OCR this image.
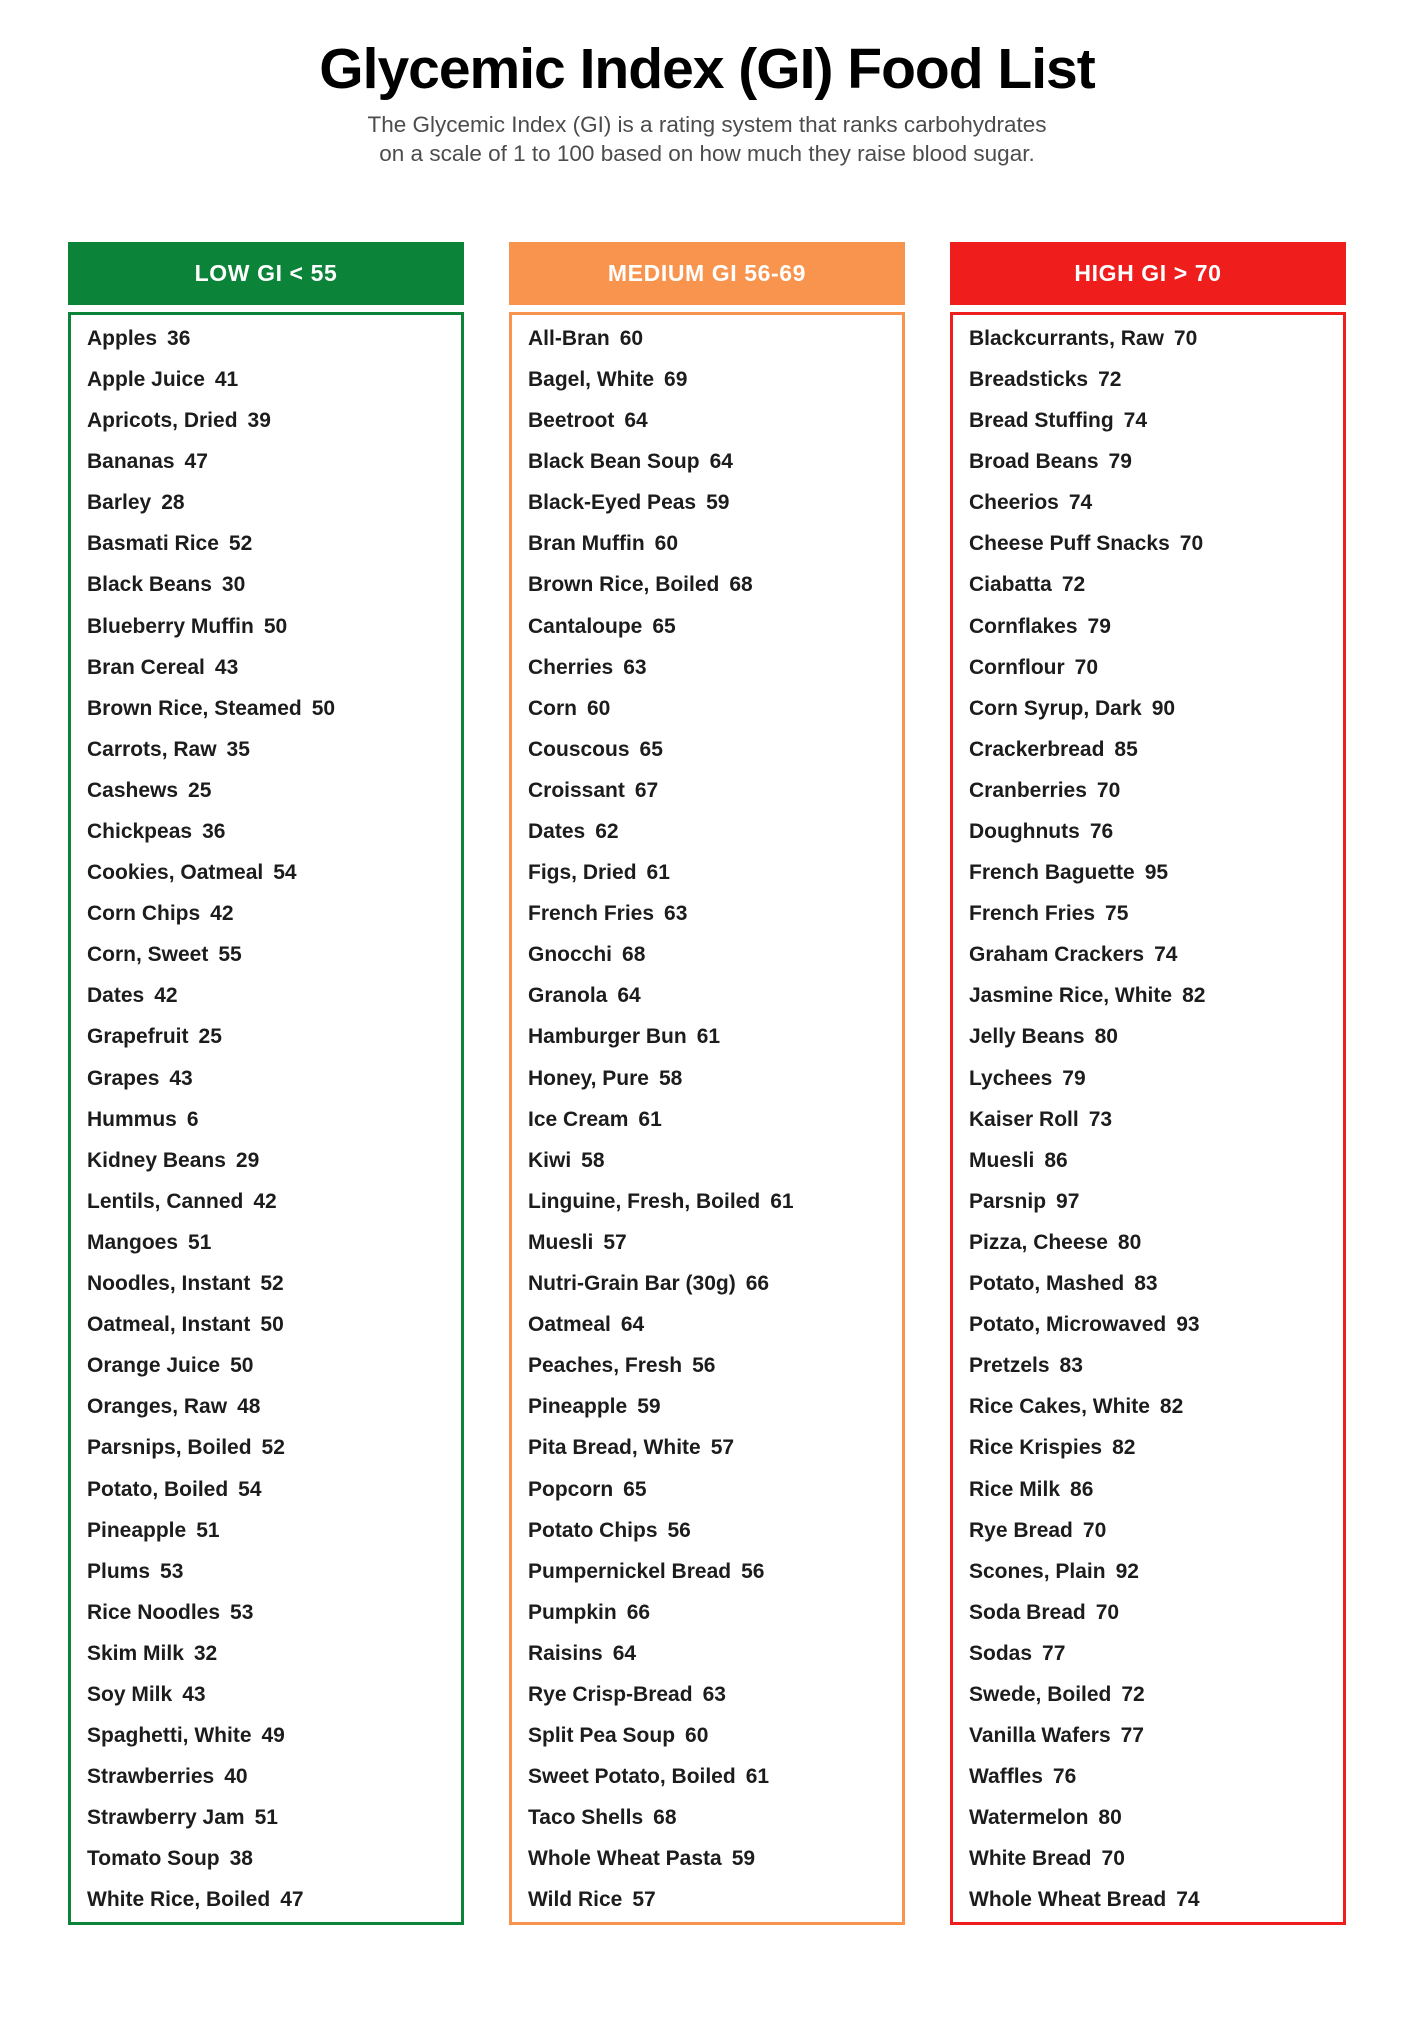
Glycemic Index (GI) Food List
The Glycemic Index (GI) is a rating system that ranks carbohydrates
on a scale of 1 to 100 based on how much they raise blood sugar.
LOW GI < 55
Apples 36
Apple Juice 41
Apricots, Dried 39
Bananas 47
Barley 28
Basmati Rice 52
Black Beans 30
Blueberry Muffin 50
Bran Cereal 43
Brown Rice, Steamed 50
Carrots, Raw 35
Cashews 25
Chickpeas 36
Cookies, Oatmeal 54
Corn Chips 42
Corn, Sweet 55
Dates 42
Grapefruit 25
Grapes 43
Hummus 6
Kidney Beans 29
Lentils, Canned 42
Mangoes 51
Noodles, Instant 52
Oatmeal, Instant 50
Orange Juice 50
Oranges, Raw 48
Parsnips, Boiled 52
Potato, Boiled 54
Pineapple 51
Plums 53
Rice Noodles 53
Skim Milk 32
Soy Milk 43
Spaghetti, White 49
Strawberries 40
Strawberry Jam 51
Tomato Soup 38
White Rice, Boiled 47
MEDIUM GI 56-69
All-Bran 60
Bagel, White 69
Beetroot 64
Black Bean Soup 64
Black-Eyed Peas 59
Bran Muffin 60
Brown Rice, Boiled 68
Cantaloupe 65
Cherries 63
Corn 60
Couscous 65
Croissant 67
Dates 62
Figs, Dried 61
French Fries 63
Gnocchi 68
Granola 64
Hamburger Bun 61
Honey, Pure 58
Ice Cream 61
Kiwi 58
Linguine, Fresh, Boiled 61
Muesli 57
Nutri-Grain Bar (30g) 66
Oatmeal 64
Peaches, Fresh 56
Pineapple 59
Pita Bread, White 57
Popcorn 65
Potato Chips 56
Pumpernickel Bread 56
Pumpkin 66
Raisins 64
Rye Crisp-Bread 63
Split Pea Soup 60
Sweet Potato, Boiled 61
Taco Shells 68
Whole Wheat Pasta 59
Wild Rice 57
HIGH GI > 70
Blackcurrants, Raw 70
Breadsticks 72
Bread Stuffing 74
Broad Beans 79
Cheerios 74
Cheese Puff Snacks 70
Ciabatta 72
Cornflakes 79
Cornflour 70
Corn Syrup, Dark 90
Crackerbread 85
Cranberries 70
Doughnuts 76
French Baguette 95
French Fries 75
Graham Crackers 74
Jasmine Rice, White 82
Jelly Beans 80
Lychees 79
Kaiser Roll 73
Muesli 86
Parsnip 97
Pizza, Cheese 80
Potato, Mashed 83
Potato, Microwaved 93
Pretzels 83
Rice Cakes, White 82
Rice Krispies 82
Rice Milk 86
Rye Bread 70
Scones, Plain 92
Soda Bread 70
Sodas 77
Swede, Boiled 72
Vanilla Wafers 77
Waffles 76
Watermelon 80
White Bread 70
Whole Wheat Bread 74
